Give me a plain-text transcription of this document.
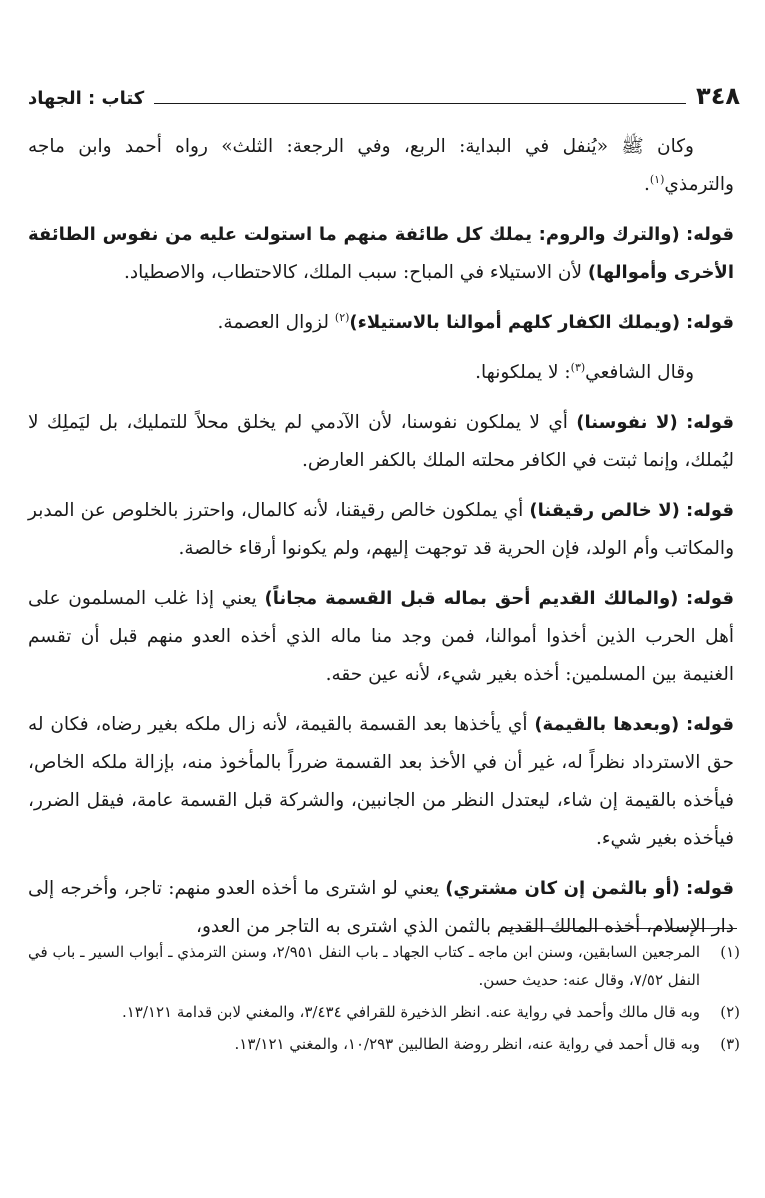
٣٤٨
كتاب : الجهاد

وكان ﷺ «يُنفل في البداية: الربع، وفي الرجعة: الثلث» رواه أحمد وابن ماجه والترمذي$^{(١)}$.

قوله: (والترك والروم: يملك كل طائفة منهم ما استولت عليه من نفوس الطائفة الأخرى وأموالها) لأن الاستيلاء في المباح: سبب الملك، كالاحتطاب، والاصطياد.

قوله: (ويملك الكفار كلهم أموالنا بالاستيلاء)$^{(٢)}$ لزوال العصمة.

وقال الشافعي$^{(٣)}$: لا يملكونها.

قوله: (لا نفوسنا) أي لا يملكون نفوسنا، لأن الآدمي لم يخلق محلاً للتمليك، بل ليَملِك لا ليُملك، وإنما ثبتت في الكافر محلته الملك بالكفر العارض.

قوله: (لا خالص رقيقنا) أي يملكون خالص رقيقنا، لأنه كالمال، واحترز بالخلوص عن المدبر والمكاتب وأم الولد، فإن الحرية قد توجهت إليهم، ولم يكونوا أرقاء خالصة.

قوله: (والمالك القديم أحق بماله قبل القسمة مجاناً) يعني إذا غلب المسلمون على أهل الحرب الذين أخذوا أموالنا، فمن وجد منا ماله الذي أخذه العدو منهم قبل أن تقسم الغنيمة بين المسلمين: أخذه بغير شيء، لأنه عين حقه.

قوله: (وبعدها بالقيمة) أي يأخذها بعد القسمة بالقيمة، لأنه زال ملكه بغير رضاه، فكان له حق الاسترداد نظراً له، غير أن في الأخذ بعد القسمة ضرراً بالمأخوذ منه، بإزالة ملكه الخاص، فيأخذه بالقيمة إن شاء، ليعتدل النظر من الجانبين، والشركة قبل القسمة عامة، فيقل الضرر، فيأخذه بغير شيء.

قوله: (أو بالثمن إن كان مشتري) يعني لو اشترى ما أخذه العدو منهم: تاجر، وأخرجه إلى دار الإسلام، أخذه المالك القديم بالثمن الذي اشترى به التاجر من العدو،

(١)
المرجعين السابقين، وسنن ابن ماجه ـ كتاب الجهاد ـ باب النفل ٢/٩٥١، وسنن الترمذي ـ أبواب السير ـ باب في النفل ٧/٥٢، وقال عنه: حديث حسن.
(٢)
وبه قال مالك وأحمد في رواية عنه. انظر الذخيرة للقرافي ٣/٤٣٤، والمغني لابن قدامة ١٣/١٢١.
(٣)
وبه قال أحمد في رواية عنه، انظر روضة الطالبين ١٠/٢٩٣، والمغني ١٣/١٢١.
